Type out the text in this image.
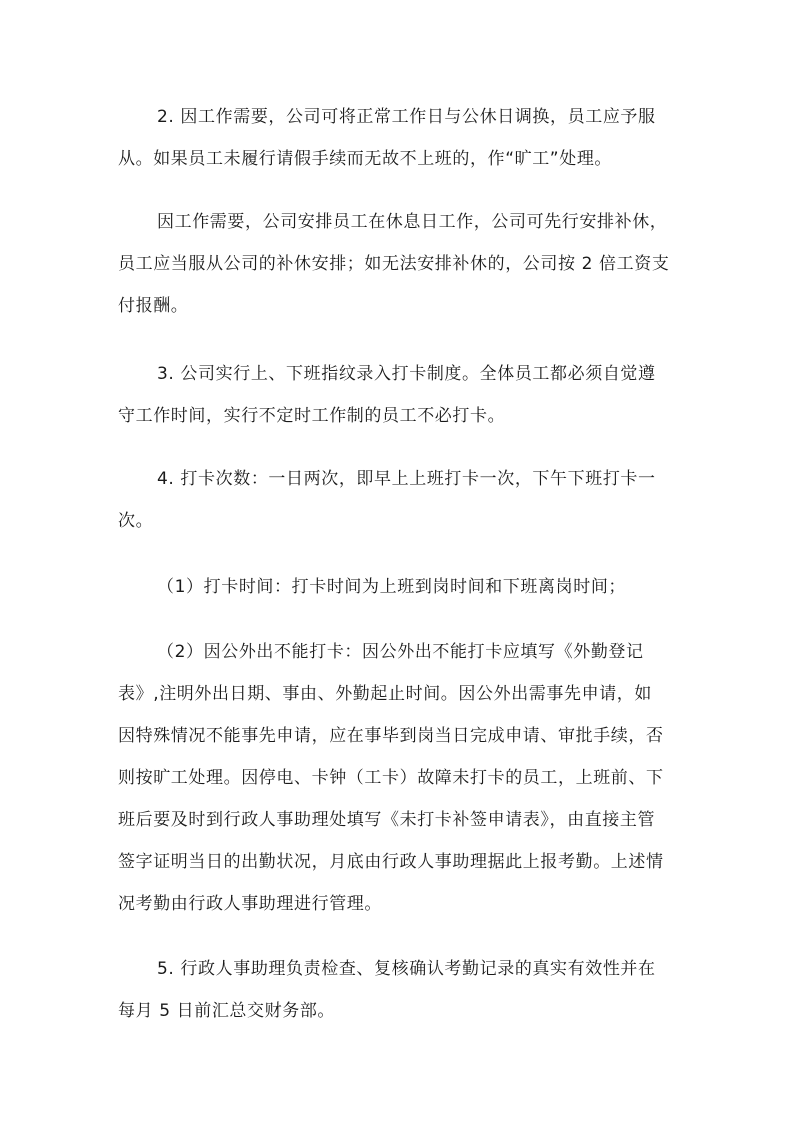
2. 因工作需要，公司可将正常工作日与公休日调换，员工应予服
从。如果员工未履行请假手续而无故不上班的，作“旷工”处理。

因工作需要，公司安排员工在休息日工作，公司可先行安排补休，
员工应当服从公司的补休安排；如无法安排补休的，公司按 2 倍工资支
付报酬。

3. 公司实行上、下班指纹录入打卡制度。全体员工都必须自觉遵
守工作时间，实行不定时工作制的员工不必打卡。

4. 打卡次数：一日两次，即早上上班打卡一次，下午下班打卡一
次。

（1）打卡时间：打卡时间为上班到岗时间和下班离岗时间；

（2）因公外出不能打卡：因公外出不能打卡应填写《外勤登记
表》,注明外出日期、事由、外勤起止时间。因公外出需事先申请，如
因特殊情况不能事先申请，应在事毕到岗当日完成申请、审批手续，否
则按旷工处理。因停电、卡钟（工卡）故障未打卡的员工，上班前、下
班后要及时到行政人事助理处填写《未打卡补签申请表》，由直接主管
签字证明当日的出勤状况，月底由行政人事助理据此上报考勤。上述情
况考勤由行政人事助理进行管理。

5. 行政人事助理负责检查、复核确认考勤记录的真实有效性并在
每月 5 日前汇总交财务部。
